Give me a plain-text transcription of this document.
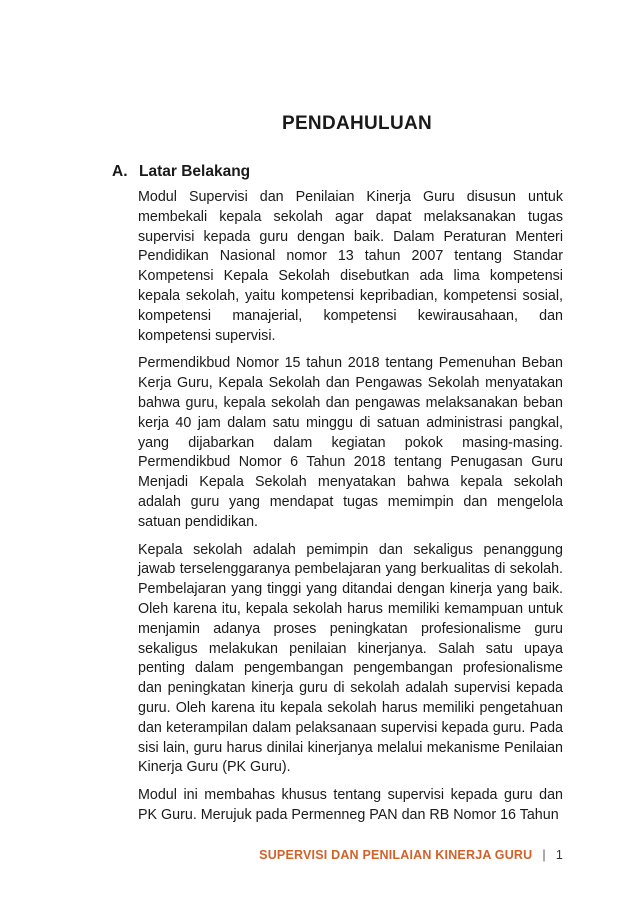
PENDAHULUAN
A. Latar Belakang

Modul Supervisi dan Penilaian Kinerja Guru disusun untuk membekali kepala sekolah agar dapat melaksanakan tugas supervisi kepada guru dengan baik. Dalam Peraturan Menteri Pendidikan Nasional nomor 13 tahun 2007 tentang Standar Kompetensi Kepala Sekolah disebutkan ada lima kompetensi kepala sekolah, yaitu kompetensi kepribadian, kompetensi sosial, kompetensi manajerial, kompetensi kewirausahaan, dan kompetensi supervisi.

Permendikbud Nomor 15 tahun 2018 tentang Pemenuhan Beban Kerja Guru, Kepala Sekolah dan Pengawas Sekolah menyatakan bahwa guru, kepala sekolah dan pengawas melaksanakan beban kerja 40 jam dalam satu minggu di satuan administrasi pangkal, yang dijabarkan dalam kegiatan pokok masing-masing. Permendikbud Nomor 6 Tahun 2018 tentang Penugasan Guru Menjadi Kepala Sekolah menyatakan bahwa kepala sekolah adalah guru yang mendapat tugas memimpin dan mengelola satuan pendidikan.

Kepala sekolah adalah pemimpin dan sekaligus penanggung jawab terselenggaranya pembelajaran yang berkualitas di sekolah. Pembelajaran yang tinggi yang ditandai dengan kinerja yang baik. Oleh karena itu, kepala sekolah harus memiliki kemampuan untuk menjamin adanya proses peningkatan profesionalisme guru sekaligus melakukan penilaian kinerjanya. Salah satu upaya penting dalam pengembangan pengembangan profesionalisme dan peningkatan kinerja guru di sekolah adalah supervisi kepada guru. Oleh karena itu kepala sekolah harus memiliki pengetahuan dan keterampilan dalam pelaksanaan supervisi kepada guru. Pada sisi lain, guru harus dinilai kinerjanya melalui mekanisme Penilaian Kinerja Guru (PK Guru).

Modul ini membahas khusus tentang supervisi kepada guru dan PK Guru. Merujuk pada Permenneg PAN dan RB Nomor 16 Tahun

SUPERVISI DAN PENILAIAN KINERJA GURU | 1
